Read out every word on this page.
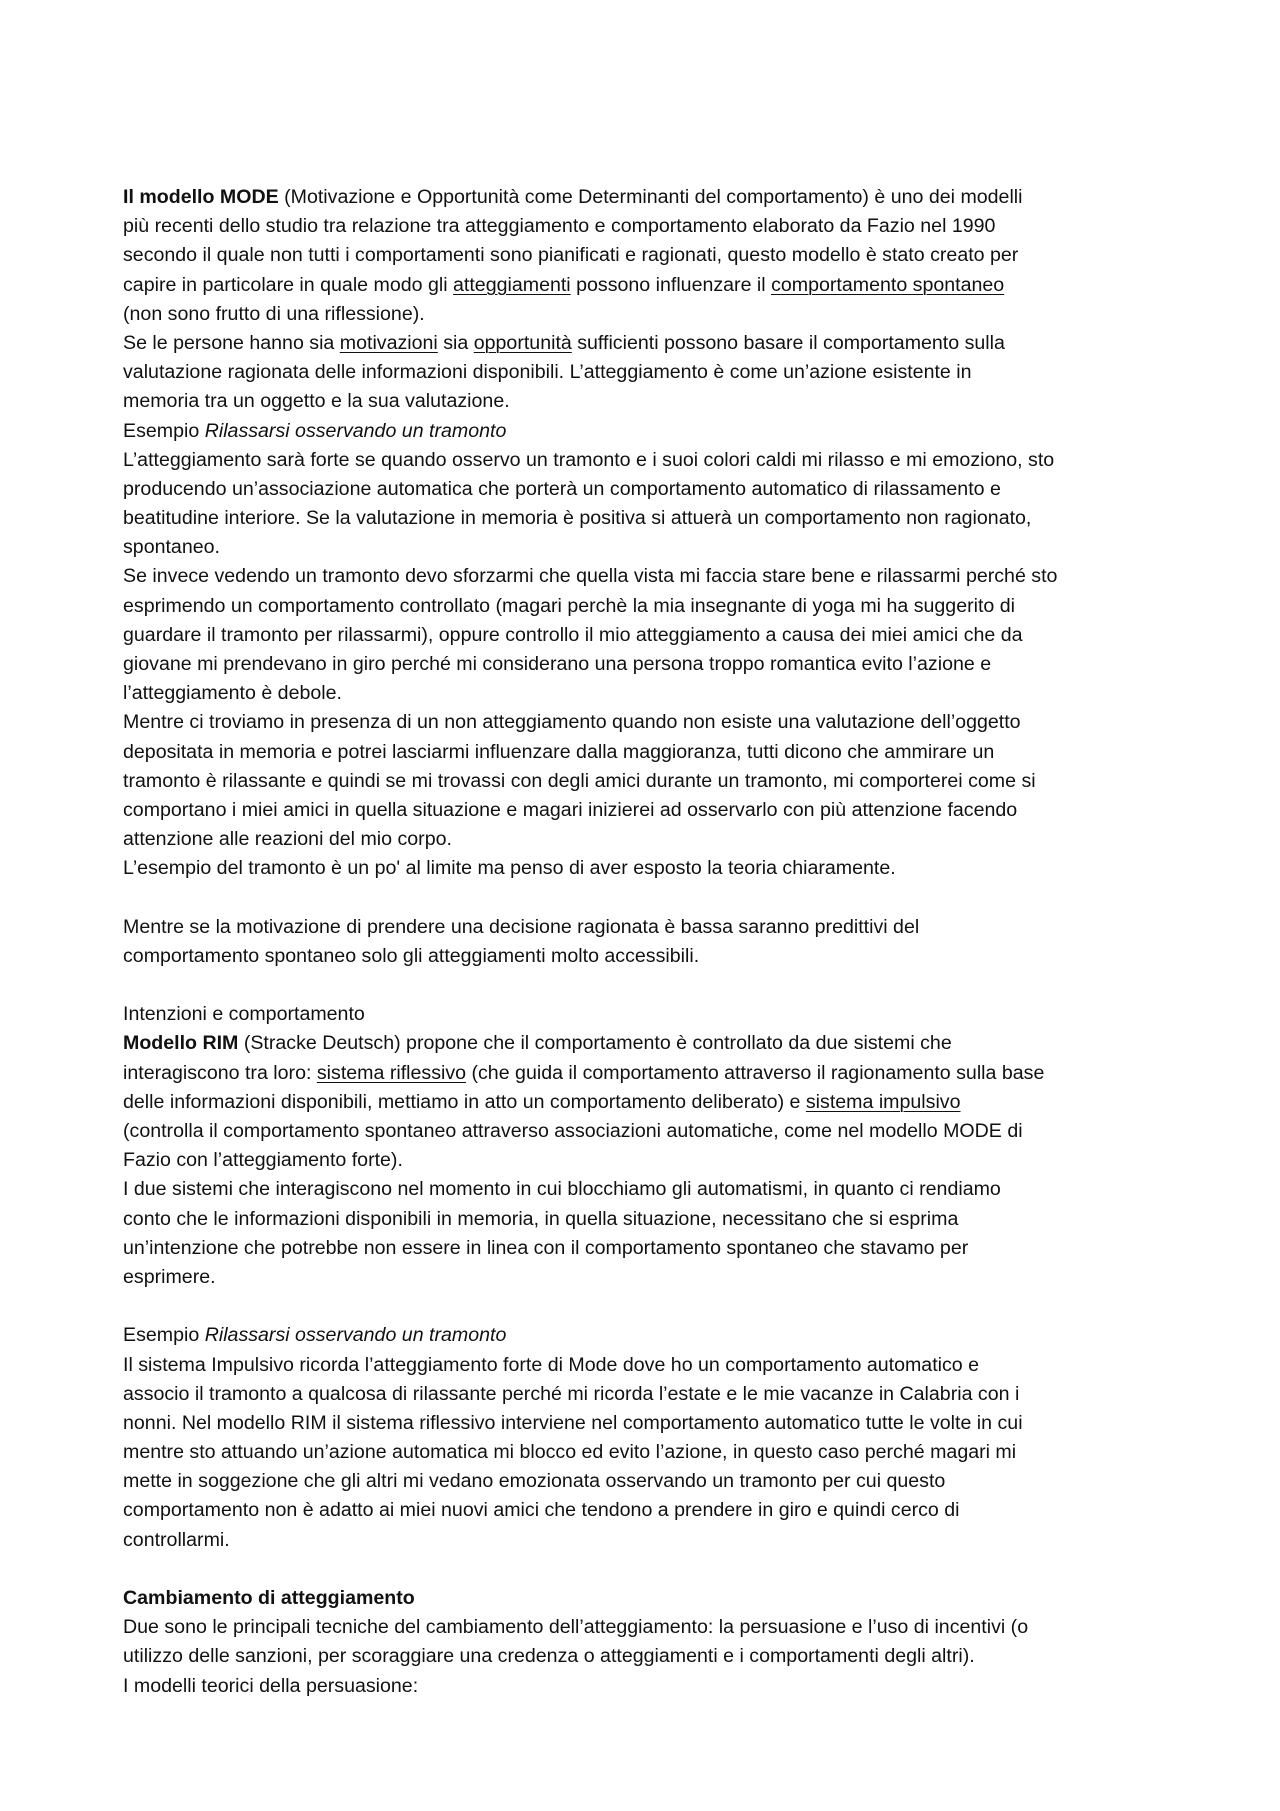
Il modello MODE (Motivazione e Opportunità come Determinanti del comportamento) è uno dei modelli
più recenti dello studio tra relazione tra atteggiamento e comportamento elaborato da Fazio nel 1990
secondo il quale non tutti i comportamenti sono pianificati e ragionati, questo modello è stato creato per
capire in particolare in quale modo gli atteggiamenti possono influenzare il comportamento spontaneo
(non sono frutto di una riflessione).
Se le persone hanno sia motivazioni sia opportunità sufficienti possono basare il comportamento sulla
valutazione ragionata delle informazioni disponibili. L’atteggiamento è come un’azione esistente in
memoria tra un oggetto e la sua valutazione.
Esempio Rilassarsi osservando un tramonto
L’atteggiamento sarà forte se quando osservo un tramonto e i suoi colori caldi mi rilasso e mi emoziono, sto
producendo un’associazione automatica che porterà un comportamento automatico di rilassamento e
beatitudine interiore. Se la valutazione in memoria è positiva si attuerà un comportamento non ragionato,
spontaneo.
Se invece vedendo un tramonto devo sforzarmi che quella vista mi faccia stare bene e rilassarmi perché sto
esprimendo un comportamento controllato (magari perchè la mia insegnante di yoga mi ha suggerito di
guardare il tramonto per rilassarmi), oppure controllo il mio atteggiamento a causa dei miei amici che da
giovane mi prendevano in giro perché mi considerano una persona troppo romantica evito l’azione e
l’atteggiamento è debole.
Mentre ci troviamo in presenza di un non atteggiamento quando non esiste una valutazione dell’oggetto
depositata in memoria e potrei lasciarmi influenzare dalla maggioranza, tutti dicono che ammirare un
tramonto è rilassante e quindi se mi trovassi con degli amici durante un tramonto, mi comporterei come si
comportano i miei amici in quella situazione e magari inizierei ad osservarlo con più attenzione facendo
attenzione alle reazioni del mio corpo.
L’esempio del tramonto è un po' al limite ma penso di aver esposto la teoria chiaramente.
Mentre se la motivazione di prendere una decisione ragionata è bassa saranno predittivi del
comportamento spontaneo solo gli atteggiamenti molto accessibili.
Intenzioni e comportamento
Modello RIM (Stracke Deutsch) propone che il comportamento è controllato da due sistemi che
interagiscono tra loro: sistema riflessivo (che guida il comportamento attraverso il ragionamento sulla base
delle informazioni disponibili, mettiamo in atto un comportamento deliberato) e sistema impulsivo
(controlla il comportamento spontaneo attraverso associazioni automatiche, come nel modello MODE di
Fazio con l’atteggiamento forte).
I due sistemi che interagiscono nel momento in cui blocchiamo gli automatismi, in quanto ci rendiamo
conto che le informazioni disponibili in memoria, in quella situazione, necessitano che si esprima
un’intenzione che potrebbe non essere in linea con il comportamento spontaneo che stavamo per
esprimere.
Esempio Rilassarsi osservando un tramonto
Il sistema Impulsivo ricorda l’atteggiamento forte di Mode dove ho un comportamento automatico e
associo il tramonto a qualcosa di rilassante perché mi ricorda l’estate e le mie vacanze in Calabria con i
nonni. Nel modello RIM il sistema riflessivo interviene nel comportamento automatico tutte le volte in cui
mentre sto attuando un’azione automatica mi blocco ed evito l’azione, in questo caso perché magari mi
mette in soggezione che gli altri mi vedano emozionata osservando un tramonto per cui questo
comportamento non è adatto ai miei nuovi amici che tendono a prendere in giro e quindi cerco di
controllarmi.
Cambiamento di atteggiamento
Due sono le principali tecniche del cambiamento dell’atteggiamento: la persuasione e l’uso di incentivi (o
utilizzo delle sanzioni, per scoraggiare una credenza o atteggiamenti e i comportamenti degli altri).
I modelli teorici della persuasione:
